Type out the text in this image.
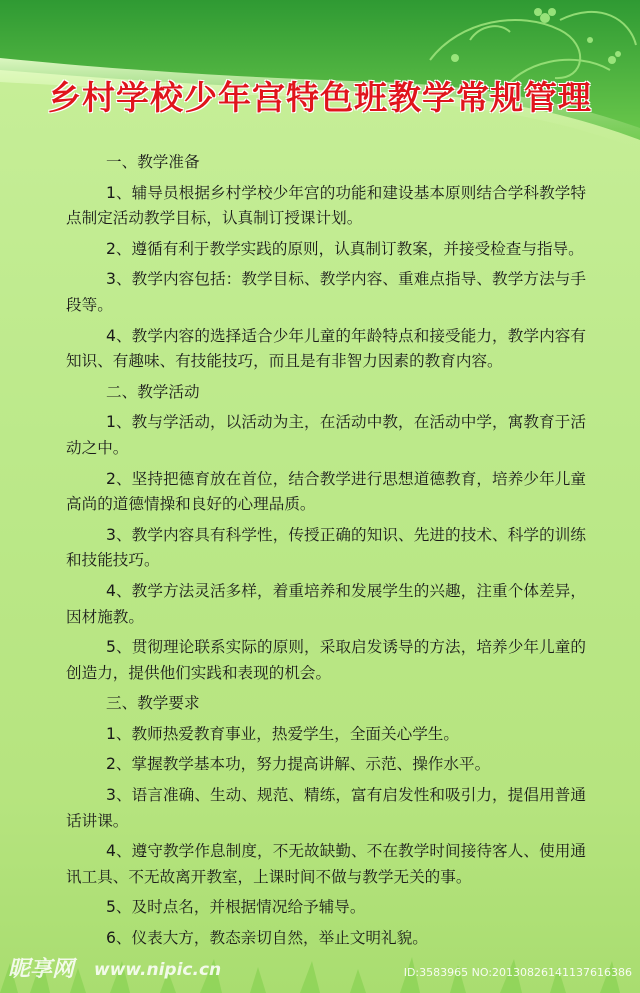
乡村学校少年宫特色班教学常规管理
一、教学准备
1、辅导员根据乡村学校少年宫的功能和建设基本原则结合学科教学特点制定活动教学目标，认真制订授课计划。
2、遵循有利于教学实践的原则，认真制订教案，并接受检查与指导。
3、教学内容包括：教学目标、教学内容、重难点指导、教学方法与手段等。
4、教学内容的选择适合少年儿童的年龄特点和接受能力，教学内容有知识、有趣味、有技能技巧，而且是有非智力因素的教育内容。
二、教学活动
1、教与学活动，以活动为主，在活动中教，在活动中学，寓教育于活动之中。
2、坚持把德育放在首位，结合教学进行思想道德教育，培养少年儿童高尚的道德情操和良好的心理品质。
3、教学内容具有科学性，传授正确的知识、先进的技术、科学的训练和技能技巧。
4、教学方法灵活多样，着重培养和发展学生的兴趣，注重个体差异，因材施教。
5、贯彻理论联系实际的原则，采取启发诱导的方法，培养少年儿童的创造力，提供他们实践和表现的机会。
三、教学要求
1、教师热爱教育事业，热爱学生，全面关心学生。
2、掌握教学基本功，努力提高讲解、示范、操作水平。
3、语言准确、生动、规范、精练，富有启发性和吸引力，提倡用普通话讲课。
4、遵守教学作息制度，不无故缺勤、不在教学时间接待客人、使用通讯工具、不无故离开教室，上课时间不做与教学无关的事。
5、及时点名，并根据情况给予辅导。
6、仪表大方，教态亲切自然，举止文明礼貌。
昵享网 www.nipic.cn	ID:3583965 NO:20130826141137616386
